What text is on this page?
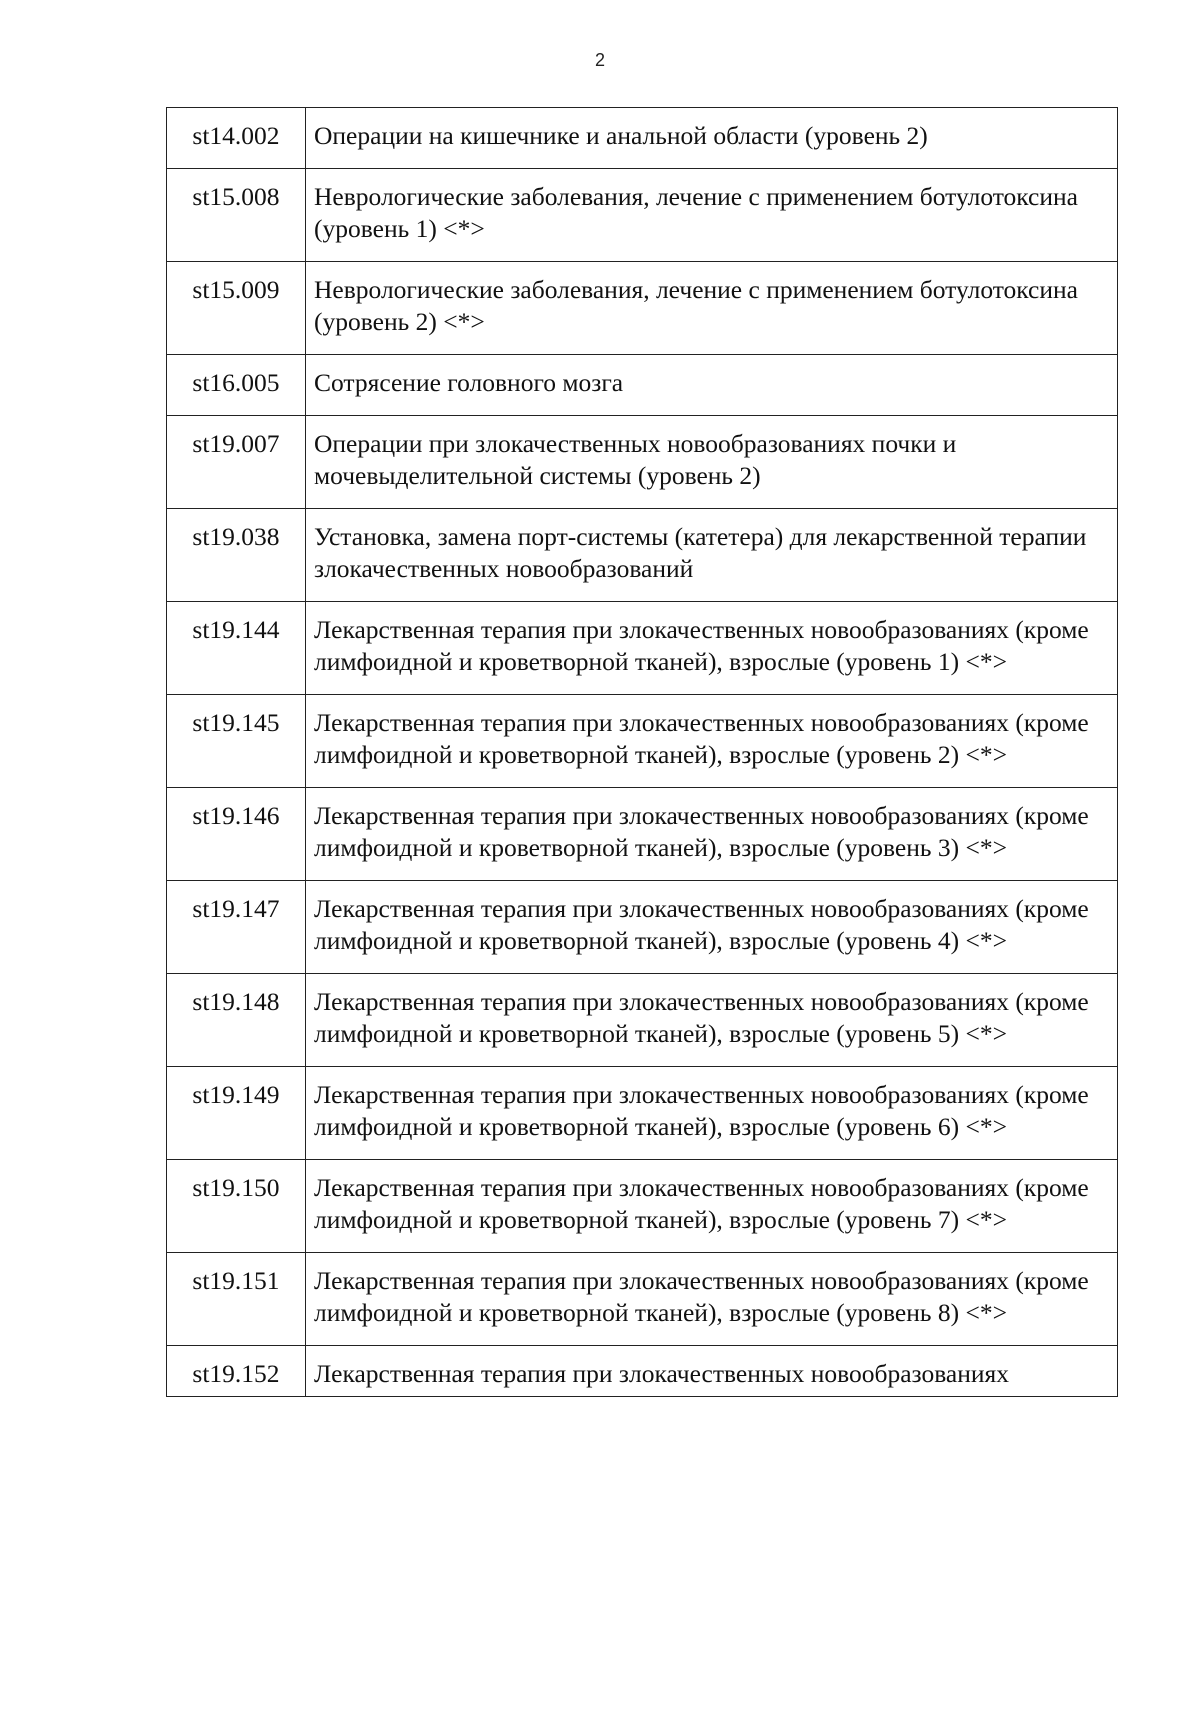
2
st14.002	Операции на кишечнике и анальной области (уровень 2)
st15.008	Неврологические заболевания, лечение с применением ботулотоксина (уровень 1) <*>
st15.009	Неврологические заболевания, лечение с применением ботулотоксина (уровень 2) <*>
st16.005	Сотрясение головного мозга
st19.007	Операции при злокачественных новообразованиях почки и мочевыделительной системы (уровень 2)
st19.038	Установка, замена порт-системы (катетера) для лекарственной терапии злокачественных новообразований
st19.144	Лекарственная терапия при злокачественных новообразованиях (кроме лимфоидной и кроветворной тканей), взрослые (уровень 1) <*>
st19.145	Лекарственная терапия при злокачественных новообразованиях (кроме лимфоидной и кроветворной тканей), взрослые (уровень 2) <*>
st19.146	Лекарственная терапия при злокачественных новообразованиях (кроме лимфоидной и кроветворной тканей), взрослые (уровень 3) <*>
st19.147	Лекарственная терапия при злокачественных новообразованиях (кроме лимфоидной и кроветворной тканей), взрослые (уровень 4) <*>
st19.148	Лекарственная терапия при злокачественных новообразованиях (кроме лимфоидной и кроветворной тканей), взрослые (уровень 5) <*>
st19.149	Лекарственная терапия при злокачественных новообразованиях (кроме лимфоидной и кроветворной тканей), взрослые (уровень 6) <*>
st19.150	Лекарственная терапия при злокачественных новообразованиях (кроме лимфоидной и кроветворной тканей), взрослые (уровень 7) <*>
st19.151	Лекарственная терапия при злокачественных новообразованиях (кроме лимфоидной и кроветворной тканей), взрослые (уровень 8) <*>
st19.152	Лекарственная терапия при злокачественных новообразованиях
